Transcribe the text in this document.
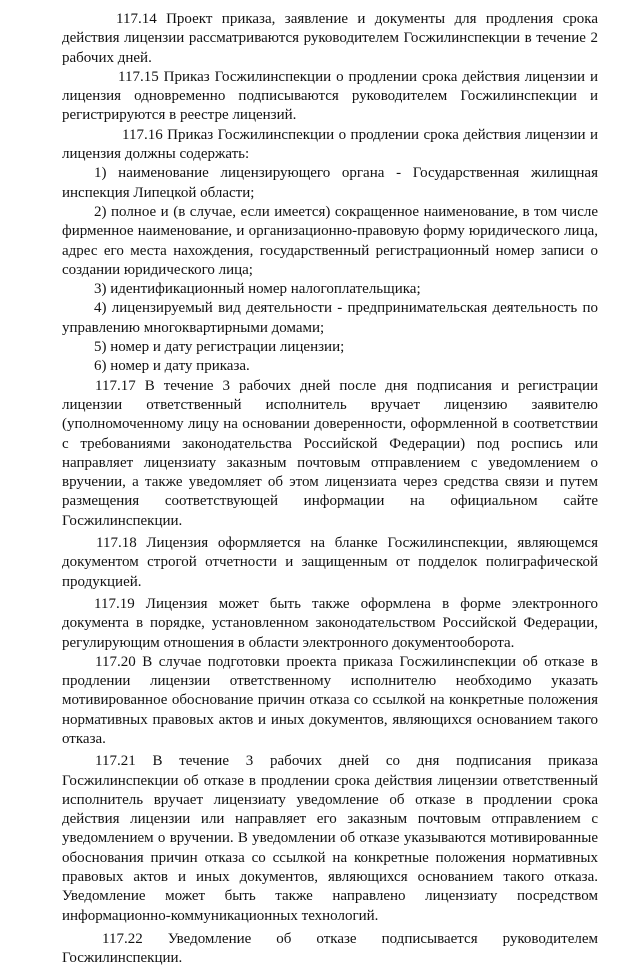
117.14 Проект приказа, заявление и документы для продления срока действия лицензии рассматриваются руководителем Госжилинспекции в течение 2 рабочих дней.

117.15 Приказ Госжилинспекции о продлении срока действия лицензии и лицензия одновременно подписываются руководителем Госжилинспекции и регистрируются в реестре лицензий.

117.16 Приказ Госжилинспекции о продлении срока действия лицензии и лицензия должны содержать:

1) наименование лицензирующего органа - Государственная жилищная инспекция Липецкой области;

2) полное и (в случае, если имеется) сокращенное наименование, в том числе фирменное наименование, и организационно-правовую форму юридического лица, адрес его места нахождения, государственный регистрационный номер записи о создании юридического лица;

3) идентификационный номер налогоплательщика;

4) лицензируемый вид деятельности - предпринимательская деятельность по управлению многоквартирными домами;

5) номер и дату регистрации лицензии;

6) номер и дату приказа.

117.17 В течение 3 рабочих дней после дня подписания и регистрации лицензии ответственный исполнитель вручает лицензию заявителю (уполномоченному лицу на основании доверенности, оформленной в соответствии с требованиями законодательства Российской Федерации) под роспись или направляет лицензиату заказным почтовым отправлением с уведомлением о вручении, а также уведомляет об этом лицензиата через средства связи и путем размещения соответствующей информации на официальном сайте Госжилинспекции.

117.18 Лицензия оформляется на бланке Госжилинспекции, являющемся документом строгой отчетности и защищенным от подделок полиграфической продукцией.

117.19 Лицензия может быть также оформлена в форме электронного документа в порядке, установленном законодательством Российской Федерации, регулирующим отношения в области электронного документооборота.

117.20 В случае подготовки проекта приказа Госжилинспекции об отказе в продлении лицензии ответственному исполнителю необходимо указать мотивированное обоснование причин отказа со ссылкой на конкретные положения нормативных правовых актов и иных документов, являющихся основанием такого отказа.

117.21 В течение 3 рабочих дней со дня подписания приказа Госжилинспекции об отказе в продлении срока действия лицензии ответственный исполнитель вручает лицензиату уведомление об отказе в продлении срока действия лицензии или направляет его заказным почтовым отправлением с уведомлением о вручении. В уведомлении об отказе указываются мотивированные обоснования причин отказа со ссылкой на конкретные положения нормативных правовых актов и иных документов, являющихся основанием такого отказа. Уведомление может быть также направлено лицензиату посредством информационно-коммуникационных технологий.

117.22 Уведомление об отказе подписывается руководителем Госжилинспекции.
